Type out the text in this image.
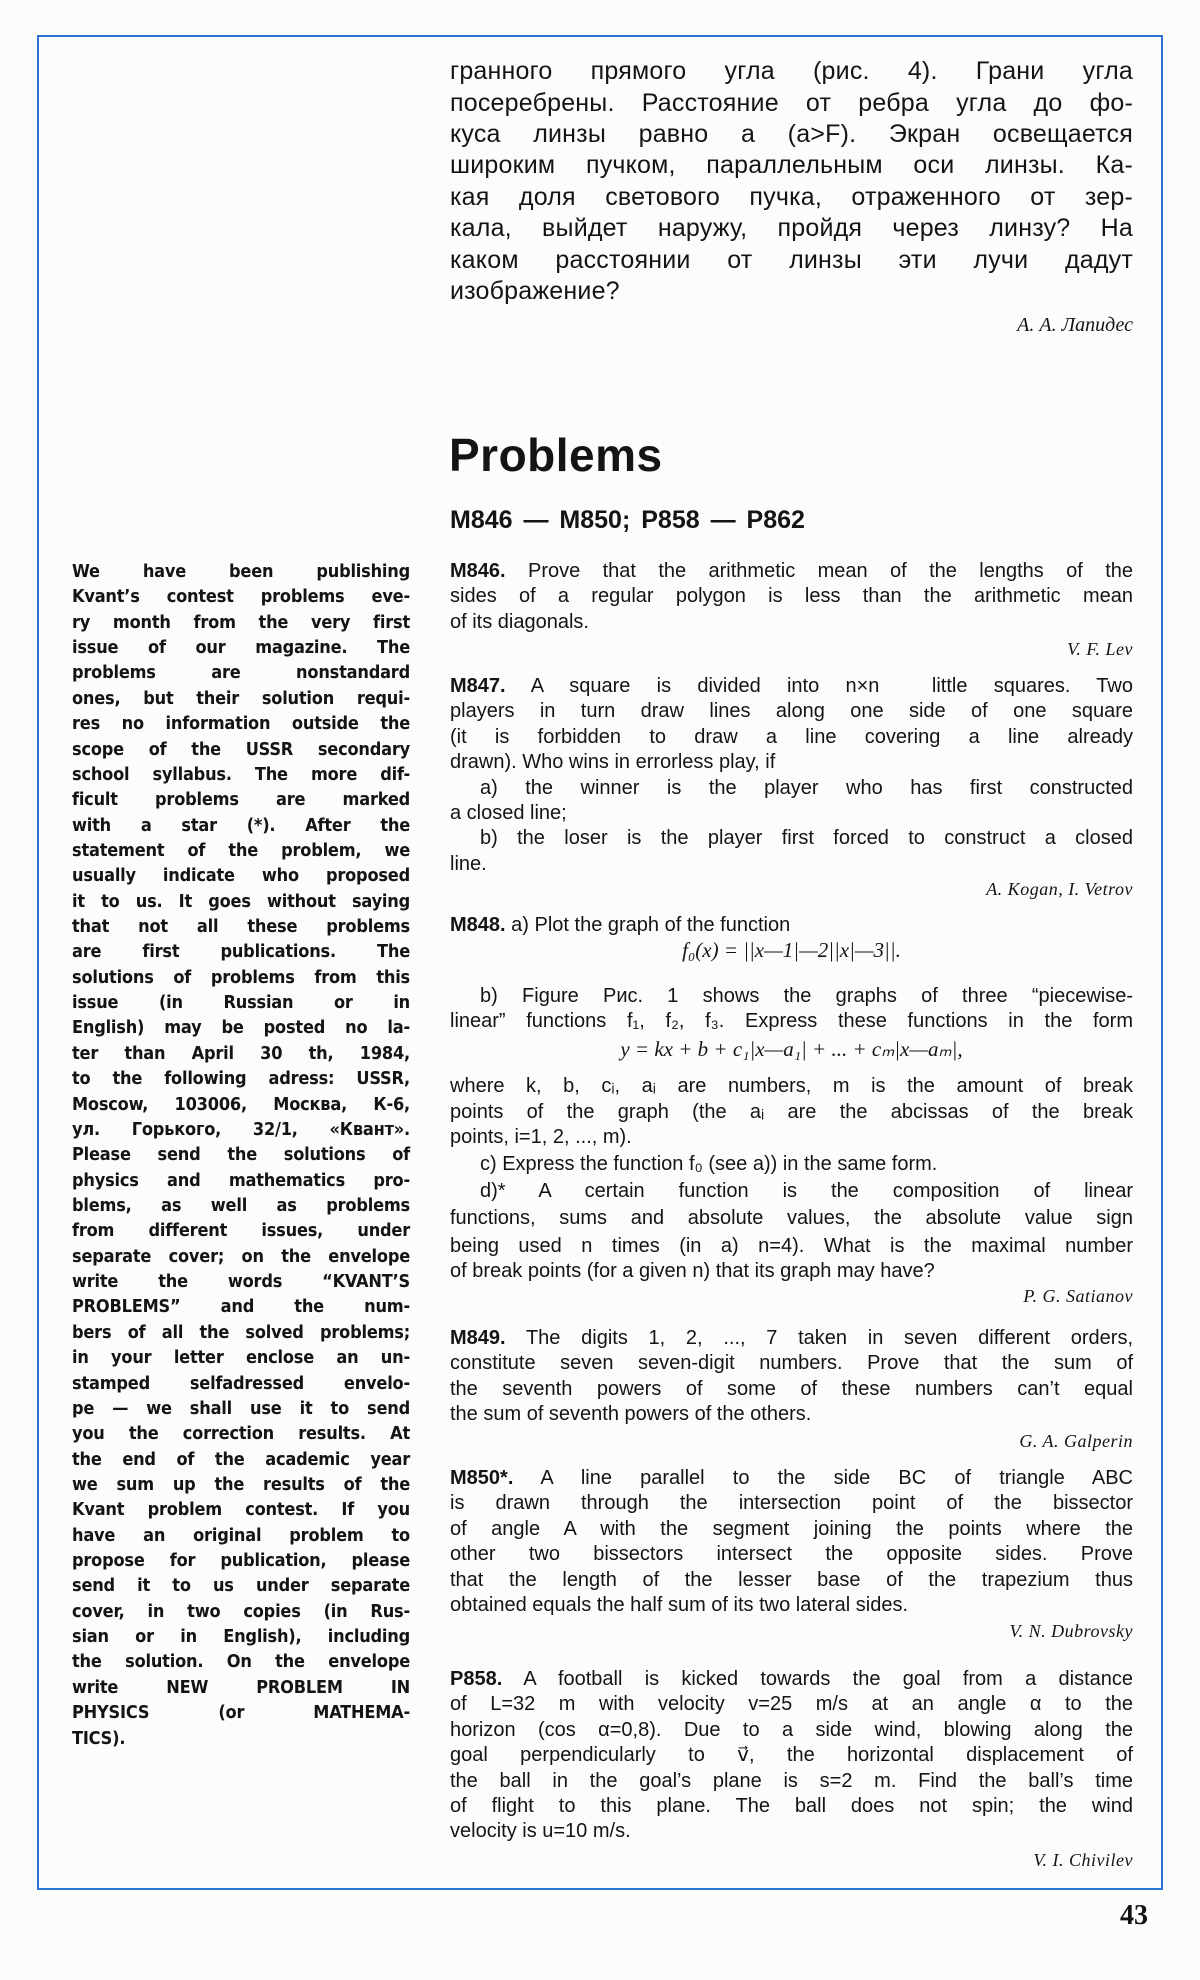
гранного прямого угла (рис. 4). Грани угла
посеребрены. Расстояние от ребра угла до фо-
куса линзы равно a (a>F). Экран освещается
широким пучком, параллельным оси линзы. Ка-
кая доля светового пучка, отраженного от зер-
кала, выйдет наружу, пройдя через линзу? На
каком расстоянии от линзы эти лучи дадут
изображение?
А. А. Лапидес
Problems
M846 — M850; P858 — P862
We have been publishing
Kvant’s contest problems eve-
ry month from the very first
issue of our magazine. The
problems are nonstandard
ones, but their solution requi-
res no information outside the
scope of the USSR secondary
school syllabus. The more dif-
ficult problems are marked
with a star (*). After the
statement of the problem, we
usually indicate who proposed
it to us. It goes without saying
that not all these problems
are first publications. The
solutions of problems from this
issue (in Russian or in
English) may be posted no la-
ter than April 30 th, 1984,
to the following adress: USSR,
Moscow, 103006, Москва, К-6,
ул. Горького, 32/1, «Квант».
Please send the solutions of
physics and mathematics pro-
blems, as well as problems
from different issues, under
separate cover; on the envelope
write the words “KVANT’S
PROBLEMS” and the num-
bers of all the solved problems;
in your letter enclose an un-
stamped selfadressed envelo-
pe — we shall use it to send
you the correction results. At
the end of the academic year
we sum up the results of the
Kvant problem contest. If you
have an original problem to
propose for publication, please
send it to us under separate
cover, in two copies (in Rus-
sian or in English), including
the solution. On the envelope
write NEW PROBLEM IN
PHYSICS (or MATHEMA-
TICS).
M846. Prove that the arithmetic mean of the lengths of the
sides of a regular polygon is less than the arithmetic mean
of its diagonals.
V. F. Lev
M847. A square is divided into n×n  little squares. Two
players in turn draw lines along one side of one square
(it is forbidden to draw a line covering a line already
drawn). Who wins in errorless play, if
a) the winner is the player who has first constructed
a closed line;
b) the loser is the player first forced to construct a closed
line.
A. Kogan, I. Vetrov
M848. a) Plot the graph of the function
f₀(x) = ||x—1|—2||x|—3||.
b) Figure Рис. 1 shows the graphs of three “piecewise-
linear” functions f₁, f₂, f₃. Express these functions in the form
y = kx + b + c₁|x—a₁| + ... + cₘ|x—aₘ|,
where k, b, cᵢ, aᵢ are numbers, m is the amount of break
points of the graph (the aᵢ are the abcissas of the break
points, i=1, 2, ..., m).
c) Express the function f₀ (see a)) in the same form.
d)* A certain function is the composition of linear
functions, sums and absolute values, the absolute value sign
being used n times (in a) n=4). What is the maximal number
of break points (for a given n) that its graph may have?
P. G. Satianov
M849. The digits 1, 2, ..., 7 taken in seven different orders,
constitute seven seven-digit numbers. Prove that the sum of
the seventh powers of some of these numbers can’t equal
the sum of seventh powers of the others.
G. A. Galperin
M850*. A line parallel to the side BC of triangle ABC
is drawn through the intersection point of the bissector
of angle A with the segment joining the points where the
other two bissectors intersect the opposite sides. Prove
that the length of the lesser base of the trapezium thus
obtained equals the half sum of its two lateral sides.
V. N. Dubrovsky
P858. A football is kicked towards the goal from a distance
of L=32 m with velocity v=25 m/s at an angle α to the
horizon (cos α=0,8). Due to a side wind, blowing along the
goal perpendicularly to v⃗, the horizontal displacement of
the ball in the goal’s plane is s=2 m. Find the ball’s time
of flight to this plane. The ball does not spin; the wind
velocity is u=10 m/s.
V. I. Chivilev
43
